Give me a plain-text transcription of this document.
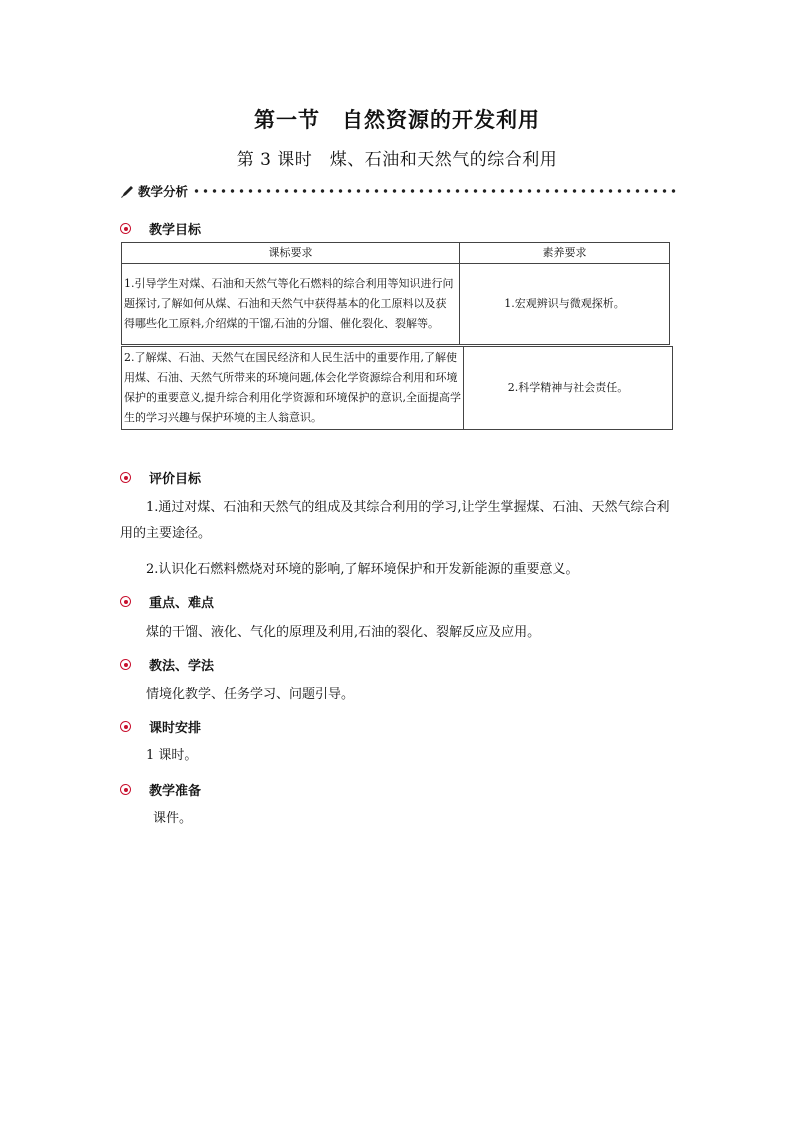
第一节　自然资源的开发利用
第 3 课时　煤、石油和天然气的综合利用
教学分析
教学目标
课标要求	素养要求
1.引导学生对煤、石油和天然气等化石燃料的综合利用等知识进行问题探讨,了解如何从煤、石油和天然气中获得基本的化工原料以及获得哪些化工原料,介绍煤的干馏,石油的分馏、催化裂化、裂解等。	1.宏观辨识与微观探析。
2.了解煤、石油、天然气在国民经济和人民生活中的重要作用,了解使用煤、石油、天然气所带来的环境问题,体会化学资源综合利用和环境保护的重要意义,提升综合利用化学资源和环境保护的意识,全面提高学生的学习兴趣与保护环境的主人翁意识。	2.科学精神与社会责任。
评价目标
1.通过对煤、石油和天然气的组成及其综合利用的学习,让学生掌握煤、石油、天然气综合利用的主要途径。
2.认识化石燃料燃烧对环境的影响,了解环境保护和开发新能源的重要意义。
重点、难点
煤的干馏、液化、气化的原理及利用,石油的裂化、裂解反应及应用。
教法、学法
情境化教学、任务学习、问题引导。
课时安排
1 课时。
教学准备
课件。
